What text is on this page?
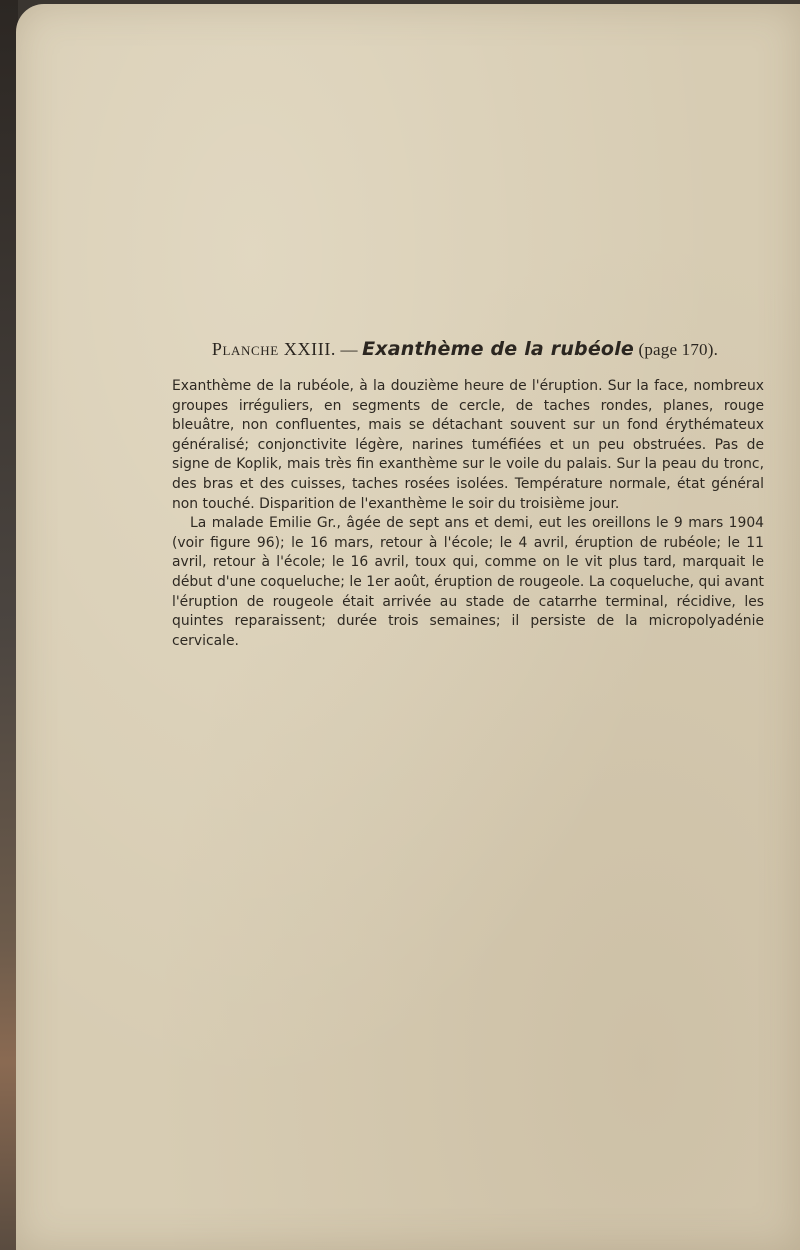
Planche XXIII. — Exanthème de la rubéole (page 170).

Exanthème de la rubéole, à la douzième heure de l'éruption. Sur la face, nombreux groupes irréguliers, en segments de cercle, de taches rondes, planes, rouge bleuâtre, non confluentes, mais se détachant souvent sur un fond érythémateux généralisé; conjonctivite légère, narines tuméfiées et un peu obstruées. Pas de signe de Koplik, mais très fin exanthème sur le voile du palais. Sur la peau du tronc, des bras et des cuisses, taches rosées isolées. Température normale, état général non touché. Disparition de l'exanthème le soir du troisième jour.

La malade Emilie Gr., âgée de sept ans et demi, eut les oreillons le 9 mars 1904 (voir figure 96); le 16 mars, retour à l'école; le 4 avril, éruption de rubéole; le 11 avril, retour à l'école; le 16 avril, toux qui, comme on le vit plus tard, marquait le début d'une coqueluche; le 1er août, éruption de rougeole. La coqueluche, qui avant l'éruption de rougeole était arrivée au stade de catarrhe terminal, récidive, les quintes reparaissent; durée trois semaines; il persiste de la micropolyadénie cervicale.
